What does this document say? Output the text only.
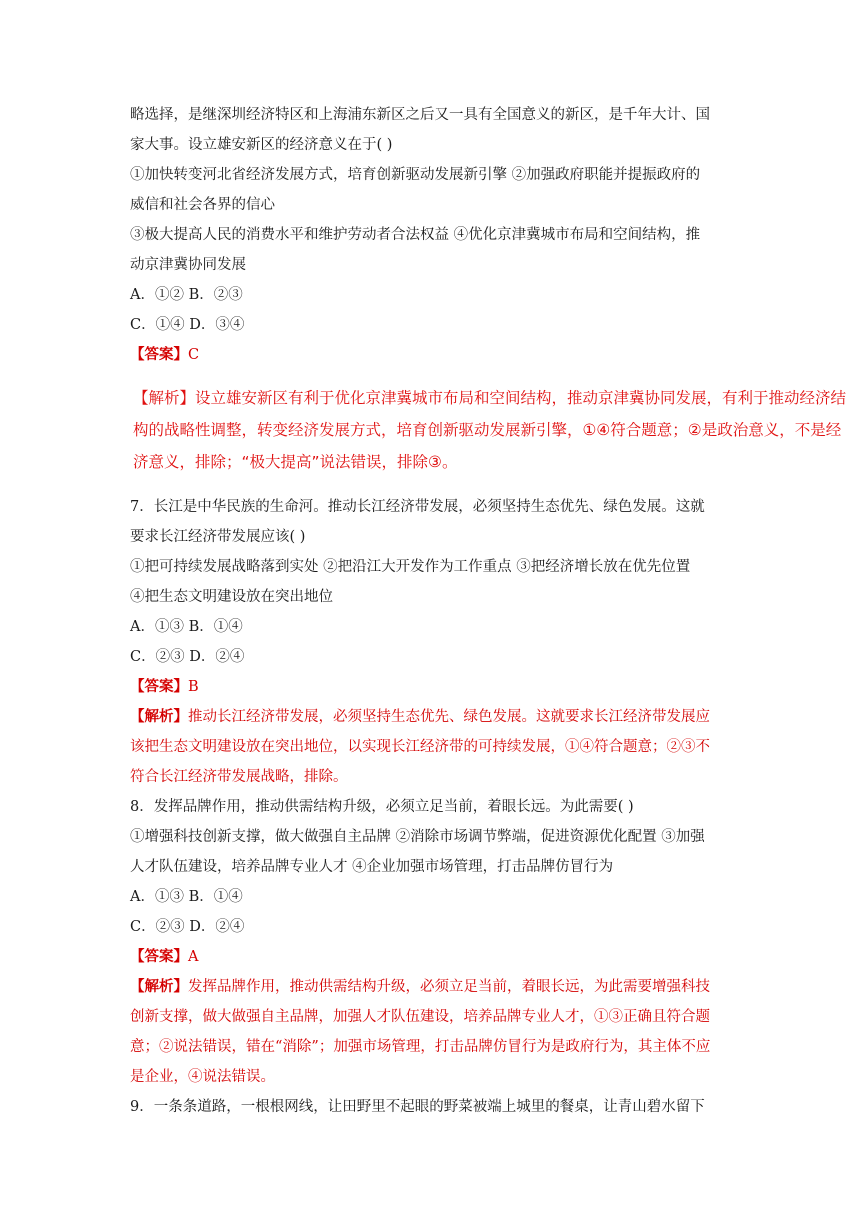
略选择，是继深圳经济特区和上海浦东新区之后又一具有全国意义的新区，是千年大计、国
家大事。设立雄安新区的经济意义在于( )
①加快转变河北省经济发展方式，培育创新驱动发展新引擎 ②加强政府职能并提振政府的
威信和社会各界的信心
③极大提高人民的消费水平和维护劳动者合法权益 ④优化京津冀城市布局和空间结构，推
动京津冀协同发展
A．①② B．②③
C．①④ D．③④
【答案】C
【解析】设立雄安新区有利于优化京津冀城市布局和空间结构，推动京津冀协同发展，有利于推动经济结
构的战略性调整，转变经济发展方式，培育创新驱动发展新引擎，①④符合题意；②是政治意义，不是经
济意义，排除；“极大提高”说法错误，排除③。
7．长江是中华民族的生命河。推动长江经济带发展，必须坚持生态优先、绿色发展。这就
要求长江经济带发展应该( )
①把可持续发展战略落到实处 ②把沿江大开发作为工作重点 ③把经济增长放在优先位置
④把生态文明建设放在突出地位
A．①③ B．①④
C．②③ D．②④
【答案】B
【解析】推动长江经济带发展，必须坚持生态优先、绿色发展。这就要求长江经济带发展应
该把生态文明建设放在突出地位，以实现长江经济带的可持续发展，①④符合题意；②③不
符合长江经济带发展战略，排除。
8．发挥品牌作用，推动供需结构升级，必须立足当前，着眼长远。为此需要( )
①增强科技创新支撑，做大做强自主品牌 ②消除市场调节弊端，促进资源优化配置 ③加强
人才队伍建设，培养品牌专业人才 ④企业加强市场管理，打击品牌仿冒行为
A．①③ B．①④
C．②③ D．②④
【答案】A
【解析】发挥品牌作用，推动供需结构升级，必须立足当前，着眼长远，为此需要增强科技
创新支撑，做大做强自主品牌，加强人才队伍建设，培养品牌专业人才，①③正确且符合题
意；②说法错误，错在“消除”；加强市场管理，打击品牌仿冒行为是政府行为，其主体不应
是企业，④说法错误。
9．一条条道路，一根根网线，让田野里不起眼的野菜被端上城里的餐桌，让青山碧水留下
